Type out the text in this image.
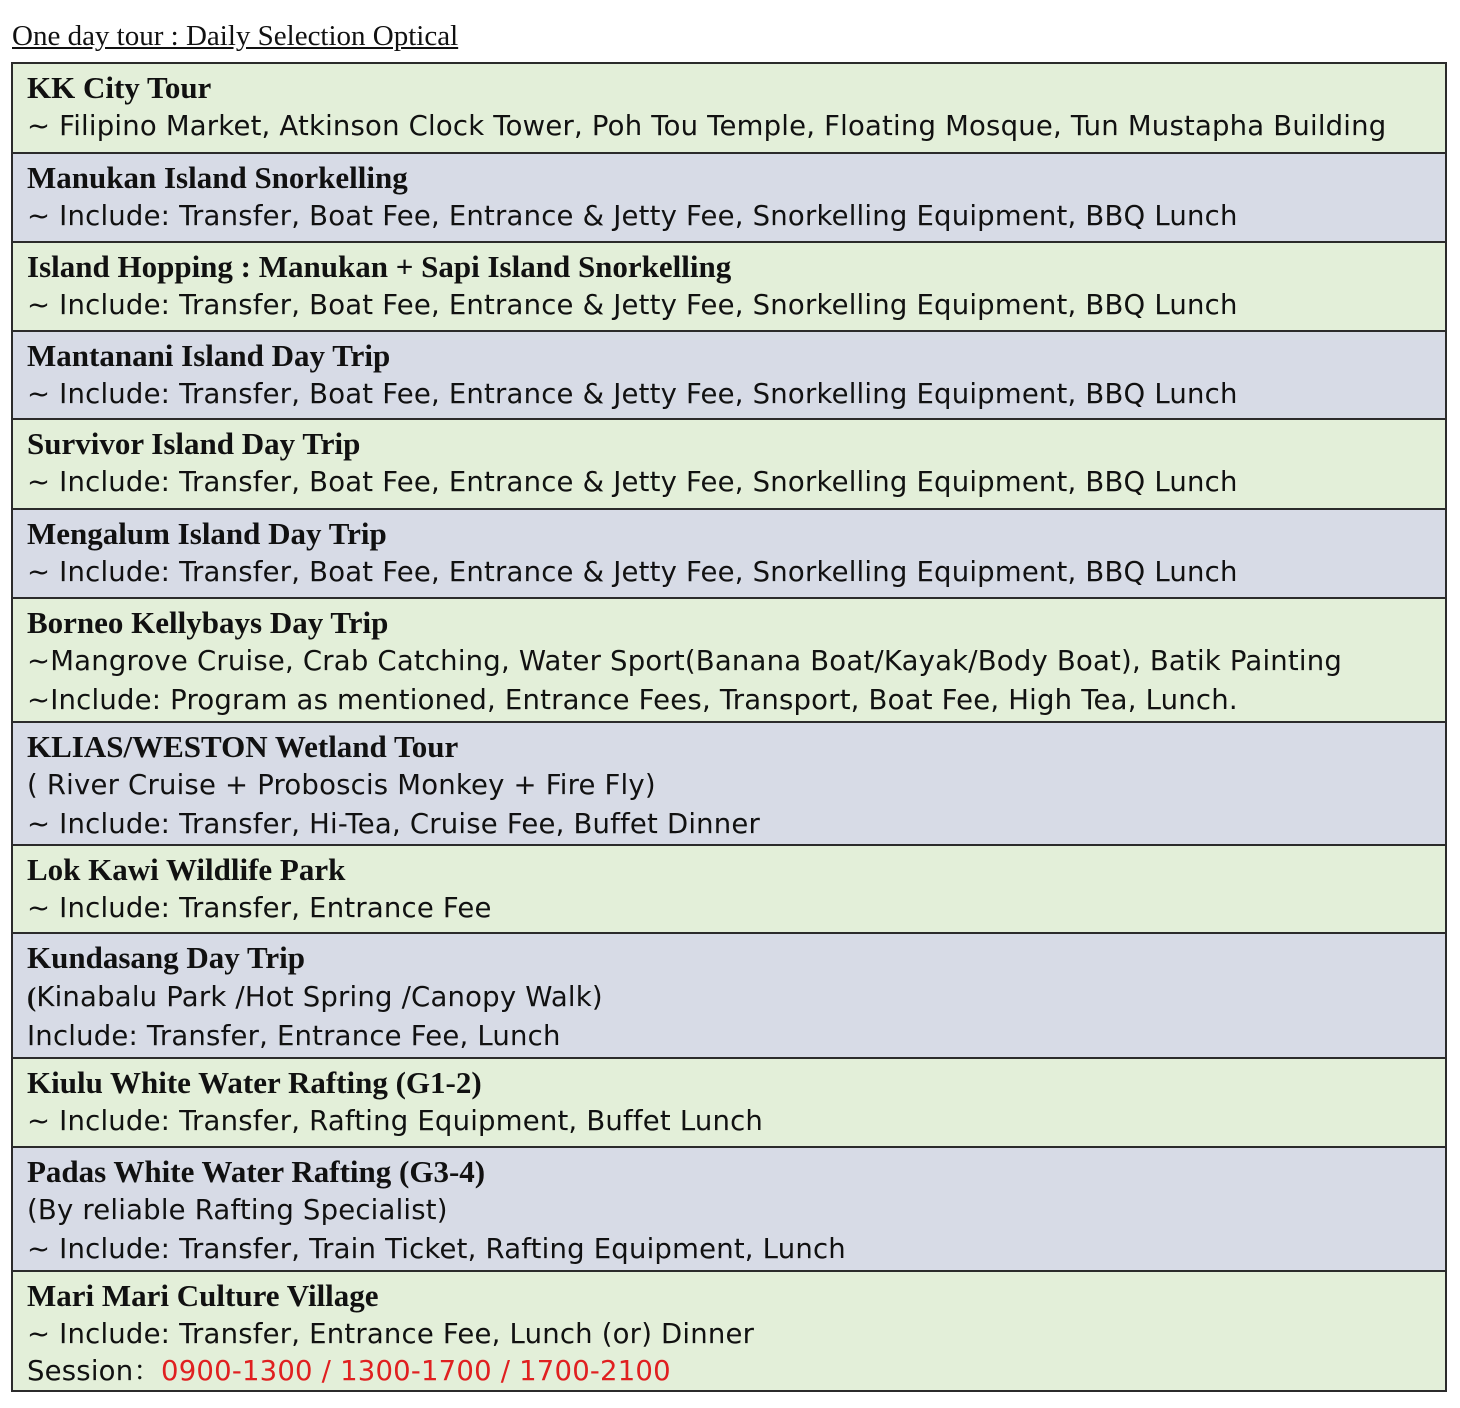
One day tour : Daily Selection Optical
KK City Tour
~ Filipino Market, Atkinson Clock Tower, Poh Tou Temple, Floating Mosque, Tun Mustapha Building
Manukan Island Snorkelling
~ Include: Transfer, Boat Fee, Entrance & Jetty Fee, Snorkelling Equipment, BBQ Lunch
Island Hopping : Manukan + Sapi Island Snorkelling
~ Include: Transfer, Boat Fee, Entrance & Jetty Fee, Snorkelling Equipment, BBQ Lunch
Mantanani Island Day Trip
~ Include: Transfer, Boat Fee, Entrance & Jetty Fee, Snorkelling Equipment, BBQ Lunch
Survivor Island Day Trip
~ Include: Transfer, Boat Fee, Entrance & Jetty Fee, Snorkelling Equipment, BBQ Lunch
Mengalum Island Day Trip
~ Include: Transfer, Boat Fee, Entrance & Jetty Fee, Snorkelling Equipment, BBQ Lunch
Borneo Kellybays Day Trip
~Mangrove Cruise, Crab Catching, Water Sport(Banana Boat/Kayak/Body Boat), Batik Painting
~Include: Program as mentioned, Entrance Fees, Transport, Boat Fee, High Tea, Lunch.
KLIAS/WESTON Wetland Tour
( River Cruise + Proboscis Monkey + Fire Fly)
~ Include: Transfer, Hi-Tea, Cruise Fee, Buffet Dinner
Lok Kawi Wildlife Park
~ Include: Transfer, Entrance Fee
Kundasang Day Trip
(Kinabalu Park /Hot Spring /Canopy Walk)
Include: Transfer, Entrance Fee, Lunch
Kiulu White Water Rafting (G1-2)
~ Include: Transfer, Rafting Equipment, Buffet Lunch
Padas White Water Rafting (G3-4)
(By reliable Rafting Specialist)
~ Include: Transfer, Train Ticket, Rafting Equipment, Lunch
Mari Mari Culture Village
~ Include: Transfer, Entrance Fee, Lunch (or) Dinner
Session：0900-1300 / 1300-1700 / 1700-2100
